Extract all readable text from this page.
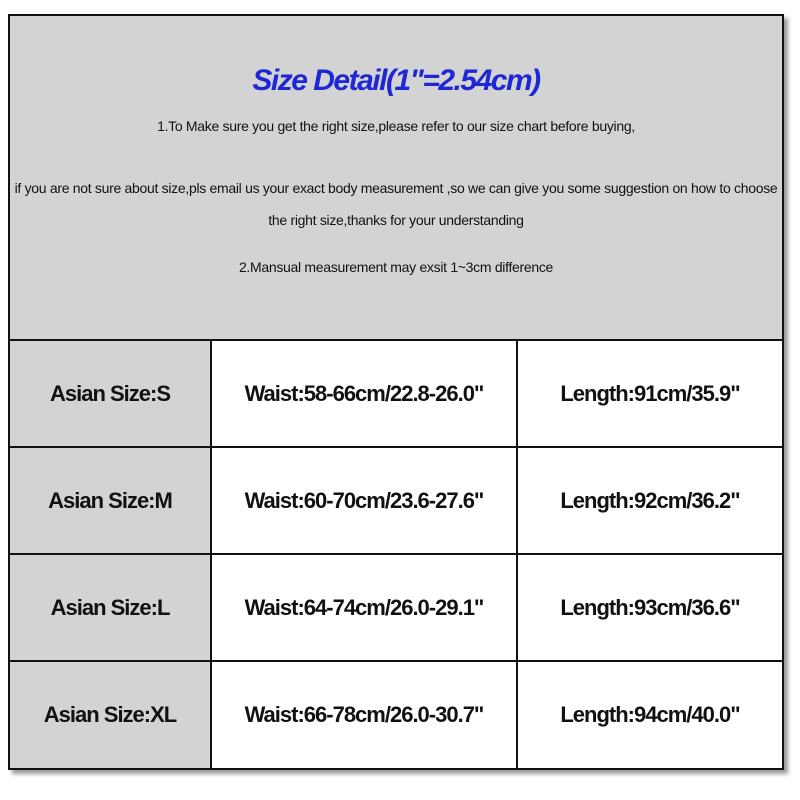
Size Detail(1"=2.54cm)
1.To Make sure you get the right size,please refer to our size chart before buying,
if you are not sure about size,pls email us your exact body measurement ,so we can give you some suggestion on how to choose the right size,thanks for your understanding
2.Mansual measurement may exsit 1~3cm difference
Asian Size:S	Waist:58-66cm/22.8-26.0"	Length:91cm/35.9"
Asian Size:M	Waist:60-70cm/23.6-27.6"	Length:92cm/36.2"
Asian Size:L	Waist:64-74cm/26.0-29.1"	Length:93cm/36.6"
Asian Size:XL	Waist:66-78cm/26.0-30.7"	Length:94cm/40.0"
